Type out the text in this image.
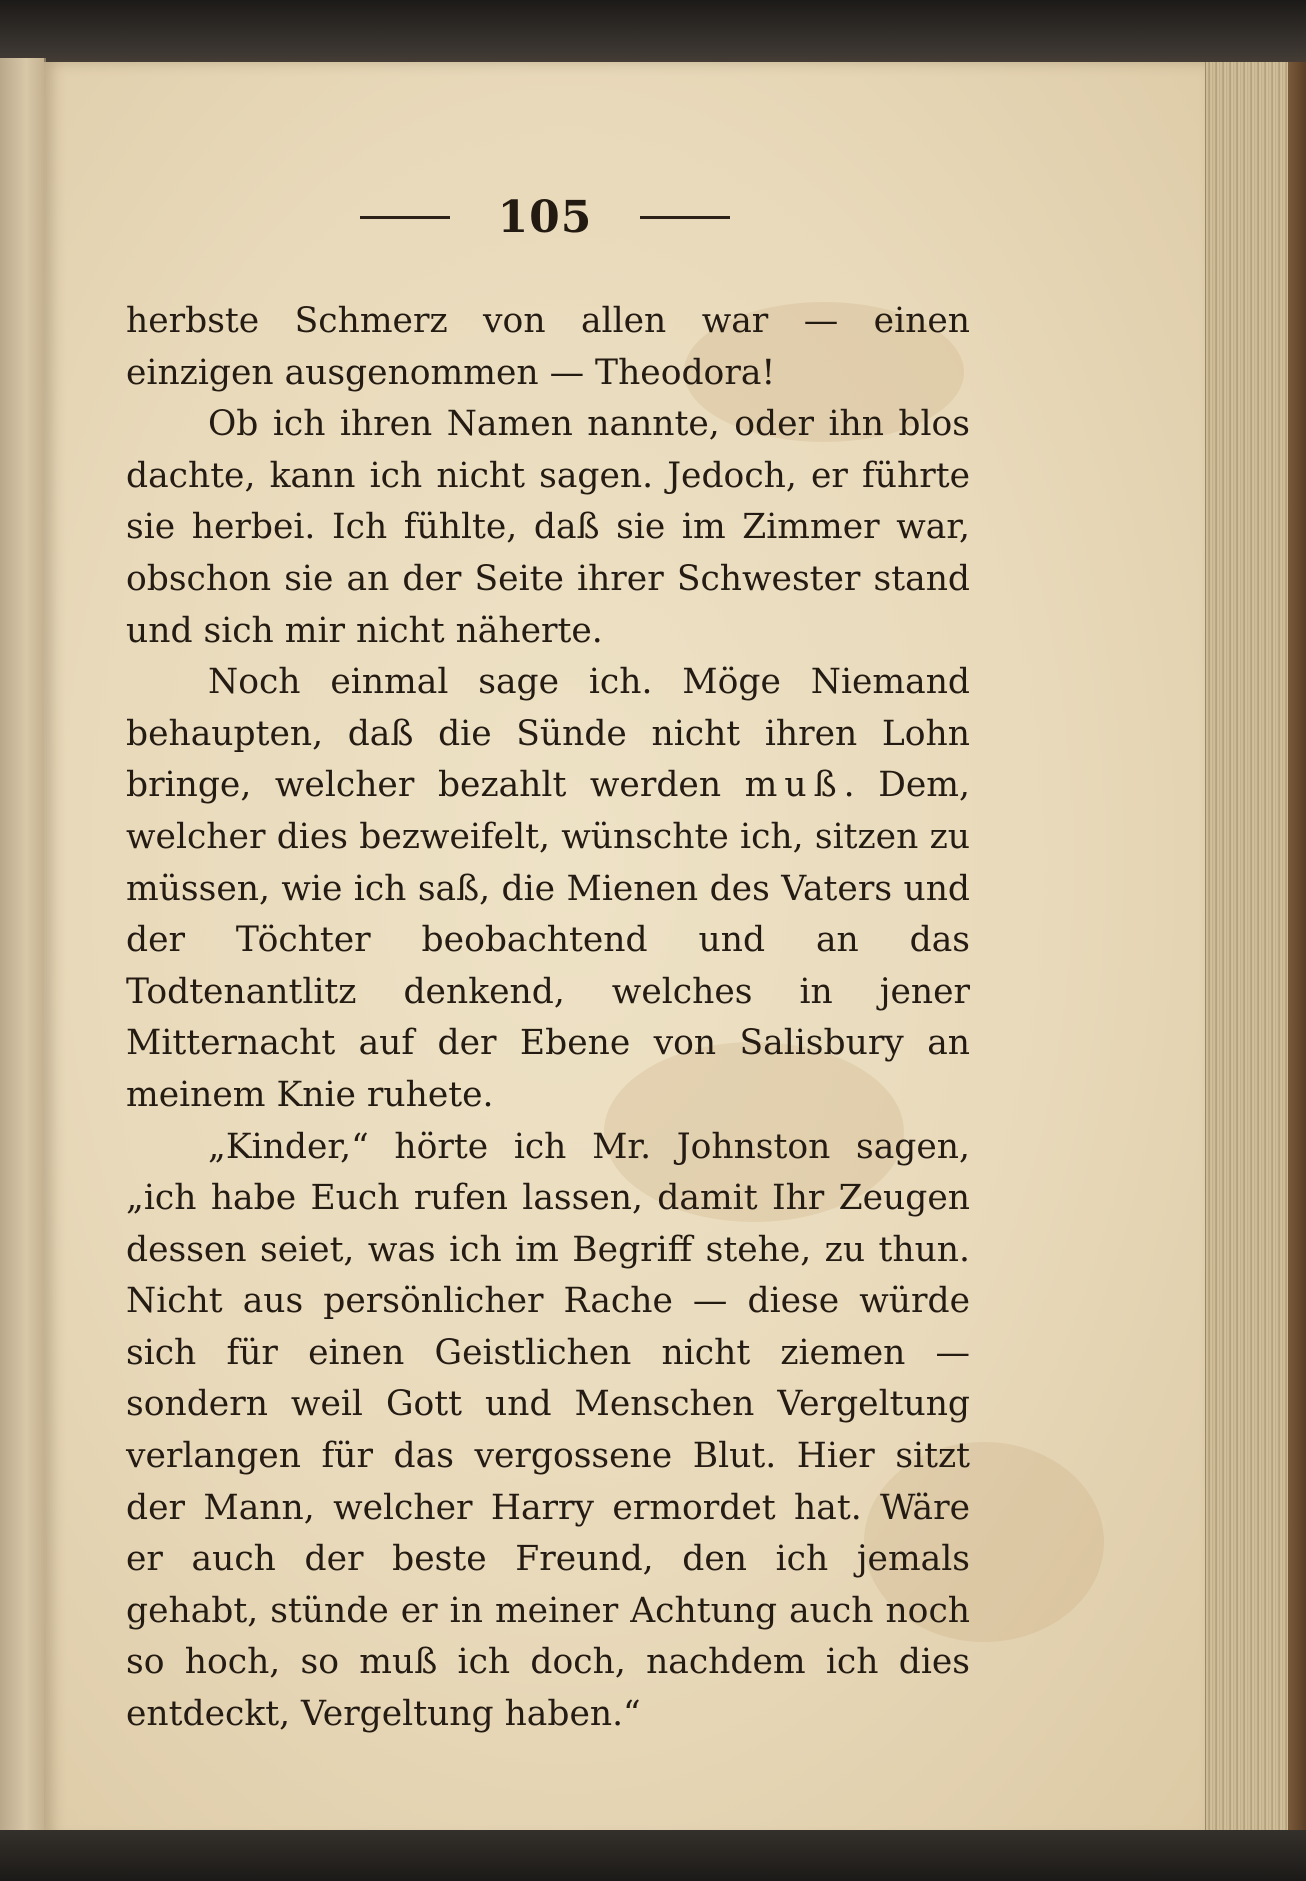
105

herbste Schmerz von allen war — einen einzigen ausgenommen — Theodora!

Ob ich ihren Namen nannte, oder ihn blos dachte, kann ich nicht sagen. Jedoch, er führte sie herbei. Ich fühlte, daß sie im Zimmer war, obschon sie an der Seite ihrer Schwester stand und sich mir nicht näherte.

Noch einmal sage ich. Möge Niemand behaupten, daß die Sünde nicht ihren Lohn bringe, welcher bezahlt werden muß. Dem, welcher dies bezweifelt, wünschte ich, sitzen zu müssen, wie ich saß, die Mienen des Vaters und der Töchter beobachtend und an das Todtenantlitz denkend, welches in jener Mitternacht auf der Ebene von Salisbury an meinem Knie ruhete.

„Kinder,“ hörte ich Mr. Johnston sagen, „ich habe Euch rufen lassen, damit Ihr Zeugen dessen seiet, was ich im Begriff stehe, zu thun. Nicht aus persönlicher Rache — diese würde sich für einen Geistlichen nicht ziemen — sondern weil Gott und Menschen Vergeltung verlangen für das vergossene Blut. Hier sitzt der Mann, welcher Harry ermordet hat. Wäre er auch der beste Freund, den ich jemals gehabt, stünde er in meiner Achtung auch noch so hoch, so muß ich doch, nachdem ich dies entdeckt, Vergeltung haben.“
